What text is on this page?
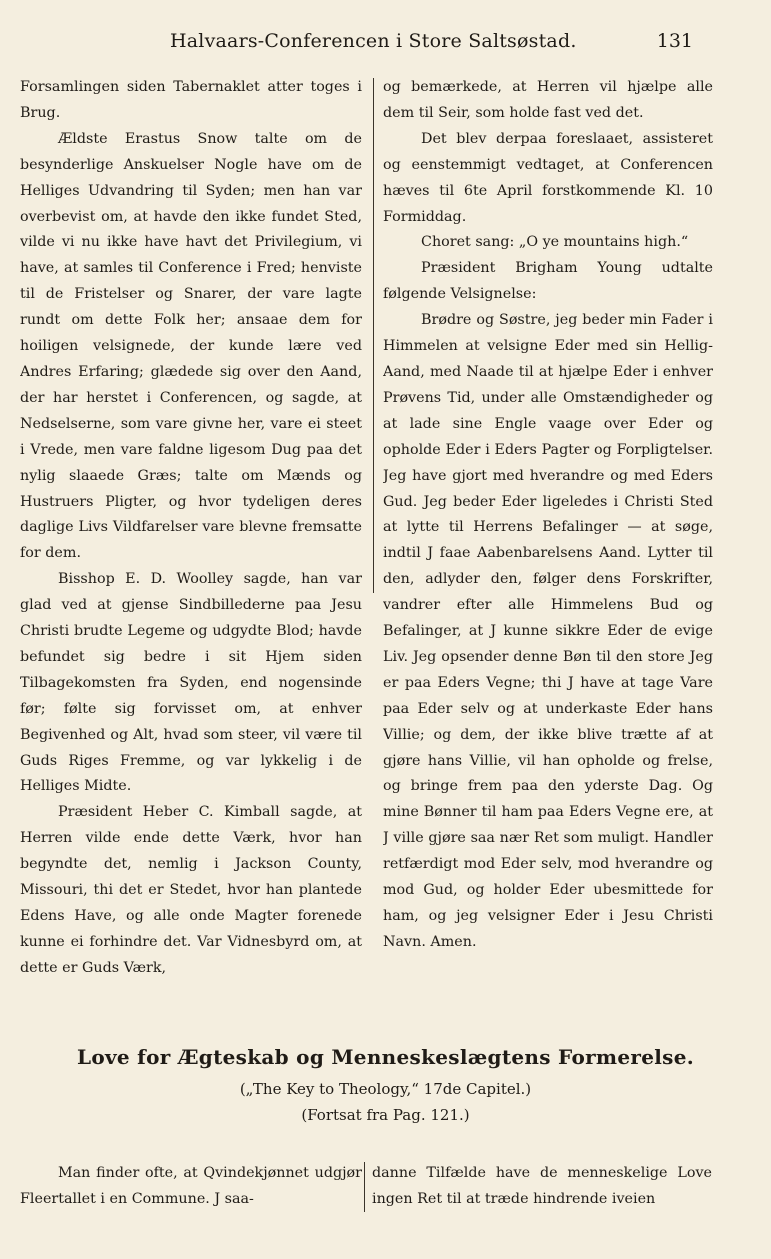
Halvaars-Conferencen i Store Saltsøstad.	131

Forsamlingen siden Tabernaklet atter toges i Brug.

Ældste Erastus Snow talte om de besynderlige Anskuelser Nogle have om de Helliges Udvandring til Syden; men han var overbevist om, at havde den ikke fundet Sted, vilde vi nu ikke have havt det Privilegium, vi have, at samles til Conference i Fred; henviste til de Fristelser og Snarer, der vare lagte rundt om dette Folk her; ansaae dem for hoiligen velsignede, der kunde lære ved Andres Erfaring; glædede sig over den Aand, der har herstet i Conferencen, og sagde, at Nedselserne, som vare givne her, vare ei steet i Vrede, men vare faldne ligesom Dug paa det nylig slaaede Græs; talte om Mænds og Hustruers Pligter, og hvor tydeligen deres daglige Livs Vildfarelser vare blevne fremsatte for dem.

Bisshop E. D. Woolley sagde, han var glad ved at gjense Sindbillederne paa Jesu Christi brudte Legeme og udgydte Blod; havde befundet sig bedre i sit Hjem siden Tilbagekomsten fra Syden, end nogensinde før; følte sig forvisset om, at enhver Begivenhed og Alt, hvad som steer, vil være til Guds Riges Fremme, og var lykkelig i de Helliges Midte.

Præsident Heber C. Kimball sagde, at Herren vilde ende dette Værk, hvor han begyndte det, nemlig i Jackson County, Missouri, thi det er Stedet, hvor han plantede Edens Have, og alle onde Magter forenede kunne ei forhindre det. Var Vidnesbyrd om, at dette er Guds Værk,

og bemærkede, at Herren vil hjælpe alle dem til Seir, som holde fast ved det.

Det blev derpaa foreslaaet, assisteret og eenstemmigt vedtaget, at Conferencen hæves til 6te April forstkommende Kl. 10 Formiddag.

Choret sang: „O ye mountains high.“

Præsident Brigham Young udtalte følgende Velsignelse:

Brødre og Søstre, jeg beder min Fader i Himmelen at velsigne Eder med sin Hellig-Aand, med Naade til at hjælpe Eder i enhver Prøvens Tid, under alle Omstændigheder og at lade sine Engle vaage over Eder og opholde Eder i Eders Pagter og Forpligtelser. Jeg have gjort med hverandre og med Eders Gud. Jeg beder Eder ligeledes i Christi Sted at lytte til Herrens Befalinger — at søge, indtil J faae Aabenbarelsens Aand. Lytter til den, adlyder den, følger dens Forskrifter, vandrer efter alle Himmelens Bud og Befalinger, at J kunne sikkre Eder de evige Liv. Jeg opsender denne Bøn til den store Jeg er paa Eders Vegne; thi J have at tage Vare paa Eder selv og at underkaste Eder hans Villie; og dem, der ikke blive trætte af at gjøre hans Villie, vil han opholde og frelse, og bringe frem paa den yderste Dag. Og mine Bønner til ham paa Eders Vegne ere, at J ville gjøre saa nær Ret som muligt. Handler retfærdigt mod Eder selv, mod hverandre og mod Gud, og holder Eder ubesmittede for ham, og jeg velsigner Eder i Jesu Christi Navn. Amen.

Love for Ægteskab og Menneskeslægtens Formerelse.
(„The Key to Theology,“ 17de Capitel.)
(Fortsat fra Pag. 121.)

Man finder ofte, at Qvindekjønnet udgjør Fleertallet i en Commune. J saa-

danne Tilfælde have de menneskelige Love ingen Ret til at træde hindrende iveien
